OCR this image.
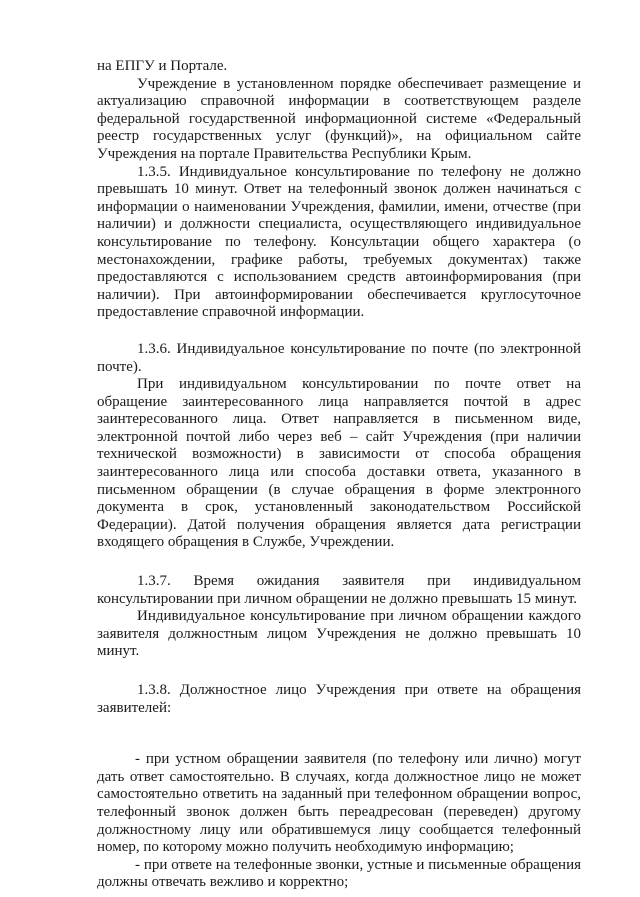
на ЕПГУ и Портале.

Учреждение в установленном порядке обеспечивает размещение и актуализацию справочной информации в соответствующем разделе федеральной государственной информационной системе «Федеральный реестр государственных услуг (функций)», на официальном сайте Учреждения на портале Правительства Республики Крым.

1.3.5. Индивидуальное консультирование по телефону не должно превышать 10 минут. Ответ на телефонный звонок должен начинаться с информации о наименовании Учреждения, фамилии, имени, отчестве (при наличии) и должности специалиста, осуществляющего индивидуальное консультирование по телефону. Консультации общего характера (о местонахождении, графике работы, требуемых документах) также предоставляются с использованием средств автоинформирования (при наличии). При автоинформировании обеспечивается круглосуточное предоставление справочной информации.

1.3.6. Индивидуальное консультирование по почте (по электронной почте).

При индивидуальном консультировании по почте ответ на обращение заинтересованного лица направляется почтой в адрес заинтересованного лица. Ответ направляется в письменном виде, электронной почтой либо через веб – сайт Учреждения (при наличии технической возможности) в зависимости от способа обращения заинтересованного лица или способа доставки ответа, указанного в письменном обращении (в случае обращения в форме электронного документа в срок, установленный законодательством Российской Федерации). Датой получения обращения является дата регистрации входящего обращения в Службе, Учреждении.

1.3.7. Время ожидания заявителя при индивидуальном консультировании при личном обращении не должно превышать 15 минут.

Индивидуальное консультирование при личном обращении каждого заявителя должностным лицом Учреждения не должно превышать 10 минут.

1.3.8. Должностное лицо Учреждения при ответе на обращения заявителей:

- при устном обращении заявителя (по телефону или лично) могут дать ответ самостоятельно. В случаях, когда должностное лицо не может самостоятельно ответить на заданный при телефонном обращении вопрос, телефонный звонок должен быть переадресован (переведен) другому должностному лицу или обратившемуся лицу сообщается телефонный номер, по которому можно получить необходимую информацию;

- при ответе на телефонные звонки, устные и письменные обращения должны отвечать вежливо и корректно;
